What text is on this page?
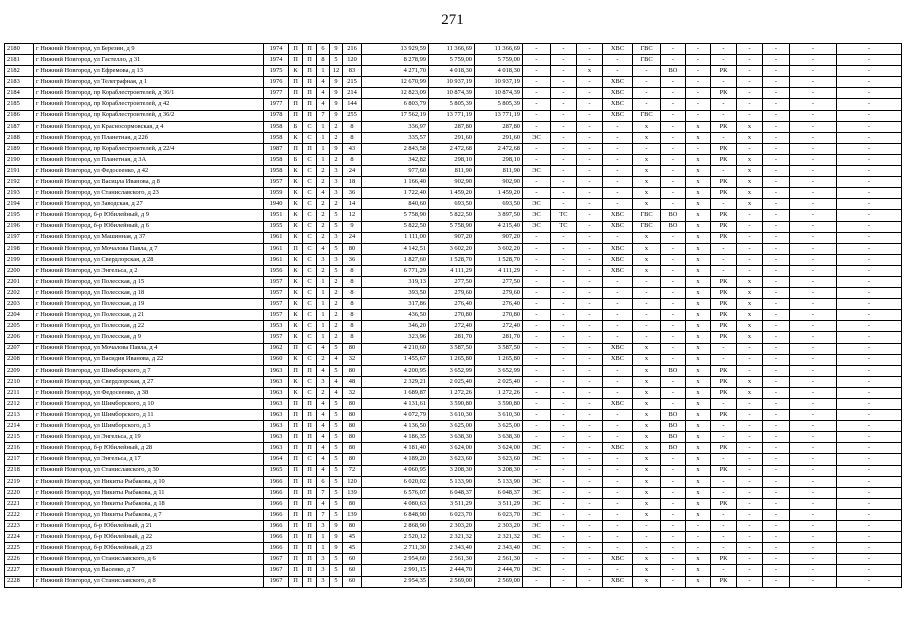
271
2180	г Нижний Новгород, ул Березин, д 9	1974	П	П	6	9	216	13 929,59	11 366,69	11 366,69	-	-	-	ХВС	ГВС	-	-	-	-	-	-	-
2181	г Нижний Новгород, ул Гастелло, д 31	1974	П	П	8	5	120	8 278,99	5 759,00	5 759,00	-	-	-	-	ГВС	-	-	-	-	-	-	-
2182	г Нижний Новгород, ул Ефремова, д 13	1975	К	П	1	12	83	4 271,70	4 018,30	4 018,30	-	-	х	-	-	ВО	-	РК	-	-	-	-
2183	г Нижний Новгород, ул Телеграфная, д 1	1976	П	П	4	9	215	12 670,99	10 937,19	10 937,19	-	-	-	ХВС	-	-	-	-	-	-	-	-
2184	г Нижний Новгород, пр Кораблестроителей, д 36/1	1977	П	П	4	9	214	12 823,09	10 874,39	10 874,39	-	-	-	ХВС	-	-	-	РК	-	-	-	-
2185	г Нижний Новгород, пр Кораблестроителей, д 42	1977	П	П	4	9	144	6 803,79	5 805,39	5 805,39	-	-	-	ХВС	-	-	-	-	-	-	-	-
2186	г Нижний Новгород, пр Кораблестроителей, д 36/2	1978	П	П	7	9	255	17 562,19	13 771,19	13 771,19	-	-	-	ХВС	ГВС	-	-	-	-	-	-	-
2187	г Нижний Новгород, ул Красносормовская, д 4	1958	Б	С	1	2	8	336,97	287,80	287,80	-	-	-	-	х	-	х	РК	х	-	-	-
2188	г Нижний Новгород, ул Планетная, д 22б	1958	К	С	1	2	8	335,57	291,60	291,60	ЭС	-	-	-	х	-	х	-	х	-	-	-
2189	г Нижний Новгород, пр Кораблестроителей, д 22/4	1987	П	П	1	9	43	2 843,58	2 472,68	2 472,68	-	-	-	-	-	-	-	РК	-	-	-	-
2190	г Нижний Новгород, ул Планетная, д 3А	1958	Б	С	1	2	8	342,82	298,10	298,10	-	-	-	-	х	-	х	РК	х	-	-	-
2191	г Нижний Новгород, ул Федосеенко, д 42	1958	К	С	2	3	24	977,60	811,90	811,90	ЭС	-	-	-	х	-	х	-	х	-	-	-
2192	г Нижний Новгород, ул Васицла Иванова, д 8	1957	К	С	2	3	18	1 166,40	902,90	902,90	-	-	-	-	х	-	х	РК	х	-	-	-
2193	г Нижний Новгород, ул Станиславского, д 23	1959	К	С	4	3	36	1 722,40	1 459,20	1 459,20	-	-	-	-	х	-	х	РК	х	-	-	-
2194	г Нижний Новгород, ул Заводская, д 27	1940	К	С	2	2	14	840,60	693,50	693,50	ЭС	-	-	-	х	-	х	-	х	-	-	-
2195	г Нижний Новгород, б-р Юбилейный, д 9	1951	К	С	2	5	12	5 758,90	5 822,50	3 897,50	ЭС	ТС	-	ХВС	ГВС	ВО	х	РК	-	-	-	-
2196	г Нижний Новгород, б-р Юбилейный, д 6	1955	К	С	2	5	9	5 822,50	5 758,90	4 215,40	ЭС	ТС	-	ХВС	ГВС	ВО	х	РК	-	-	-	-
2197	г Нижний Новгород, ул Машинная, д 37	1961	К	С	2	3	24	1 111,00	907,20	907,20	-	-	-	-	х	-	х	РК	-	-	-	-
2198	г Нижний Новгород, ул Мочалова Павла, д 7	1961	П	С	4	5	80	4 142,51	3 602,20	3 602,20	-	-	-	ХВС	х	-	х	-	-	-	-	-
2199	г Нижний Новгород, ул Свердлорская, д 28	1961	К	С	3	3	36	1 827,60	1 528,70	1 528,70	-	-	-	ХВС	х	-	х	-	-	-	-	-
2200	г Нижний Новгород, ул Энгельса, д 2	1956	К	С	2	5	8	6 771,29	4 111,29	4 111,29	-	-	-	ХВС	х	-	х	-	-	-	-	-
2201	г Нижний Новгород, ул Полесская, д 15	1957	К	С	1	2	8	319,13	277,50	277,50	-	-	-	-	-	-	х	РК	х	-	-	-
2202	г Нижний Новгород, ул Полесская, д 18	1957	К	С	1	2	8	393,50	279,60	279,60	-	-	-	-	-	-	х	РК	х	-	-	-
2203	г Нижний Новгород, ул Полесская, д 19	1957	К	С	1	2	8	317,86	276,40	276,40	-	-	-	-	-	-	х	РК	х	-	-	-
2204	г Нижний Новгород, ул Полесская, д 21	1957	К	С	1	2	8	436,50	270,80	270,80	-	-	-	-	-	-	х	РК	х	-	-	-
2205	г Нижний Новгород, ул Полесская, д 22	1953	К	С	1	2	8	346,20	272,40	272,40	-	-	-	-	-	-	х	РК	х	-	-	-
2206	г Нижний Новгород, ул Полесская, д 9	1957	К	С	1	2	8	323,96	281,70	281,70	-	-	-	-	-	-	х	РК	х	-	-	-
2207	г Нижний Новгород, ул Мочалова Павла, д 4	1962	П	С	4	5	80	4 210,60	3 587,50	3 587,50	-	-	-	ХВС	х	-	х	-	-	-	-	-
2208	г Нижний Новгород, ул Васидия Иванова, д 22	1960	К	С	2	4	32	1 455,67	1 265,80	1 265,80	-	-	-	ХВС	х	-	х	-	-	-	-	-
2209	г Нижний Новгород, ул Шимборского, д 7	1963	П	П	4	5	80	4 200,95	3 652,99	3 652,99	-	-	-	-	х	ВО	х	РК	-	-	-	-
2210	г Нижний Новгород, ул Свердлорская, д 27	1963	К	С	3	4	48	2 329,21	2 025,40	2 025,40	-	-	-	-	х	-	х	РК	х	-	-	-
2211	г Нижний Новгород, ул Федосеенко, д 38	1963	К	С	2	4	32	1 689,87	1 272,26	1 272,26	-	-	-	-	х	-	х	РК	х	-	-	-
2212	г Нижний Новгород, ул Шимборского, д 10	1963	П	П	4	5	80	4 131,61	3 590,80	3 590,80	-	-	-	ХВС	х	-	х	-	-	-	-	-
2213	г Нижний Новгород, ул Шимборского, д 11	1963	П	П	4	5	80	4 072,79	3 610,30	3 610,30	-	-	-	-	х	ВО	х	РК	-	-	-	-
2214	г Нижний Новгород, ул Шимборского, д 3	1963	П	П	4	5	80	4 136,50	3 625,00	3 625,00	-	-	-	-	х	ВО	х	-	-	-	-	-
2215	г Нижний Новгород, ул Энгельса, д 19	1963	П	П	4	5	80	4 186,35	3 638,30	3 638,30	-	-	-	-	х	ВО	х	-	-	-	-	-
2216	г Нижний Новгород, б-р Юбилейный, д 28	1963	П	П	4	5	80	4 181,40	3 624,00	3 624,00	ЭС	-	-	ХВС	х	ВО	х	РК	-	-	-	-
2217	г Нижний Новгород, ул Энгельса, д 17	1964	П	С	4	5	80	4 189,20	3 623,60	3 623,60	ЭС	-	-	-	х	-	х	-	-	-	-	-
2218	г Нижний Новгород, ул Станиславского, д 30	1965	П	П	4	5	72	4 060,95	3 208,30	3 208,30	-	-	-	-	х	-	х	РК	-	-	-	-
2219	г Нижний Новгород, ул Никиты Рыбакова, д 10	1966	П	П	6	5	120	6 020,02	5 133,90	5 133,90	ЭС	-	-	-	х	-	х	-	-	-	-	-
2220	г Нижний Новгород, ул Никиты Рыбакова, д 11	1966	П	П	7	5	139	6 576,07	6 048,37	6 048,37	ЭС	-	-	-	х	-	х	-	-	-	-	-
2221	г Нижний Новгород, ул Никиты Рыбакова, д 18	1966	П	П	4	5	80	4 080,63	3 511,29	3 511,29	ЭС	-	-	-	х	-	х	РК	-	-	-	-
2222	г Нижний Новгород, ул Никиты Рыбакова, д 7	1966	П	П	7	5	139	6 848,90	6 023,70	6 023,70	ЭС	-	-	-	х	-	х	-	-	-	-	-
2223	г Нижний Новгород, б-р Юбилейный, д 21	1966	П	П	3	9	80	2 868,90	2 303,20	2 303,20	ЭС	-	-	-	-	-	-	-	-	-	-	-
2224	г Нижний Новгород, б-р Юбилейный, д 22	1966	П	П	1	9	45	2 520,12	2 321,32	2 321,32	ЭС	-	-	-	-	-	-	-	-	-	-	-
2225	г Нижний Новгород, б-р Юбилейный, д 23	1966	П	П	1	9	45	2 711,30	2 343,40	2 343,40	ЭС	-	-	-	-	-	-	-	-	-	-	-
2226	г Нижний Новгород, ул Станиславского, д 6	1967	П	П	3	5	60	2 954,60	2 561,30	2 561,30	-	-	-	ХВС	х	-	х	РК	-	-	-	-
2227	г Нижний Новгород, ул Васенко, д 7	1967	П	П	3	5	60	2 991,15	2 444,70	2 444,70	ЭС	-	-	-	х	-	х	-	-	-	-	-
2228	г Нижний Новгород, ул Станиславского, д 8	1967	П	П	3	5	60	2 954,35	2 569,00	2 569,00	-	-	-	ХВС	х	-	х	РК	-	-	-	-
